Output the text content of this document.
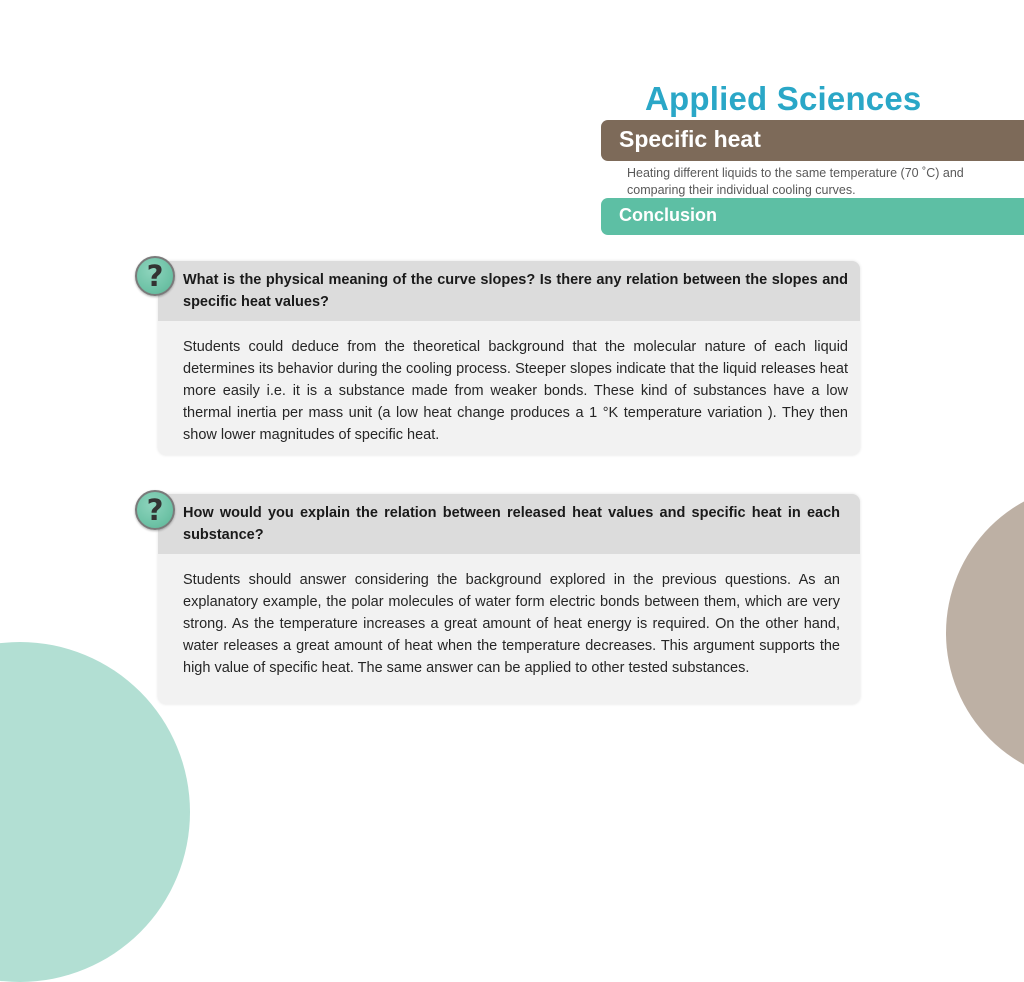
Applied Sciences
Specific heat
Heating different liquids to the same temperature (70 ˚C) and comparing their individual cooling curves.
Conclusion
What is the physical meaning of the curve slopes? Is there any relation between the slopes and specific heat values?
Students could deduce from the theoretical background that the molecular nature of each liquid determines its behavior during the cooling process. Steeper slopes indicate that the liquid releases heat more easily i.e. it is a substance made from weaker bonds. These kind of substances have a low thermal inertia per mass unit (a low heat change produces a 1 °K temperature variation ). They then show lower magnitudes of specific heat.
?
How would you explain the relation between released heat values and specific heat in each substance?
Students should answer considering the background explored in the previous questions. As an explanatory example, the polar molecules of water form electric bonds between them, which are very strong. As the temperature increases a great amount of heat energy is required. On the other hand, water releases a great amount of heat when the temperature decreases. This argument supports the high value of specific heat. The same answer can be applied to other tested substances.
?
